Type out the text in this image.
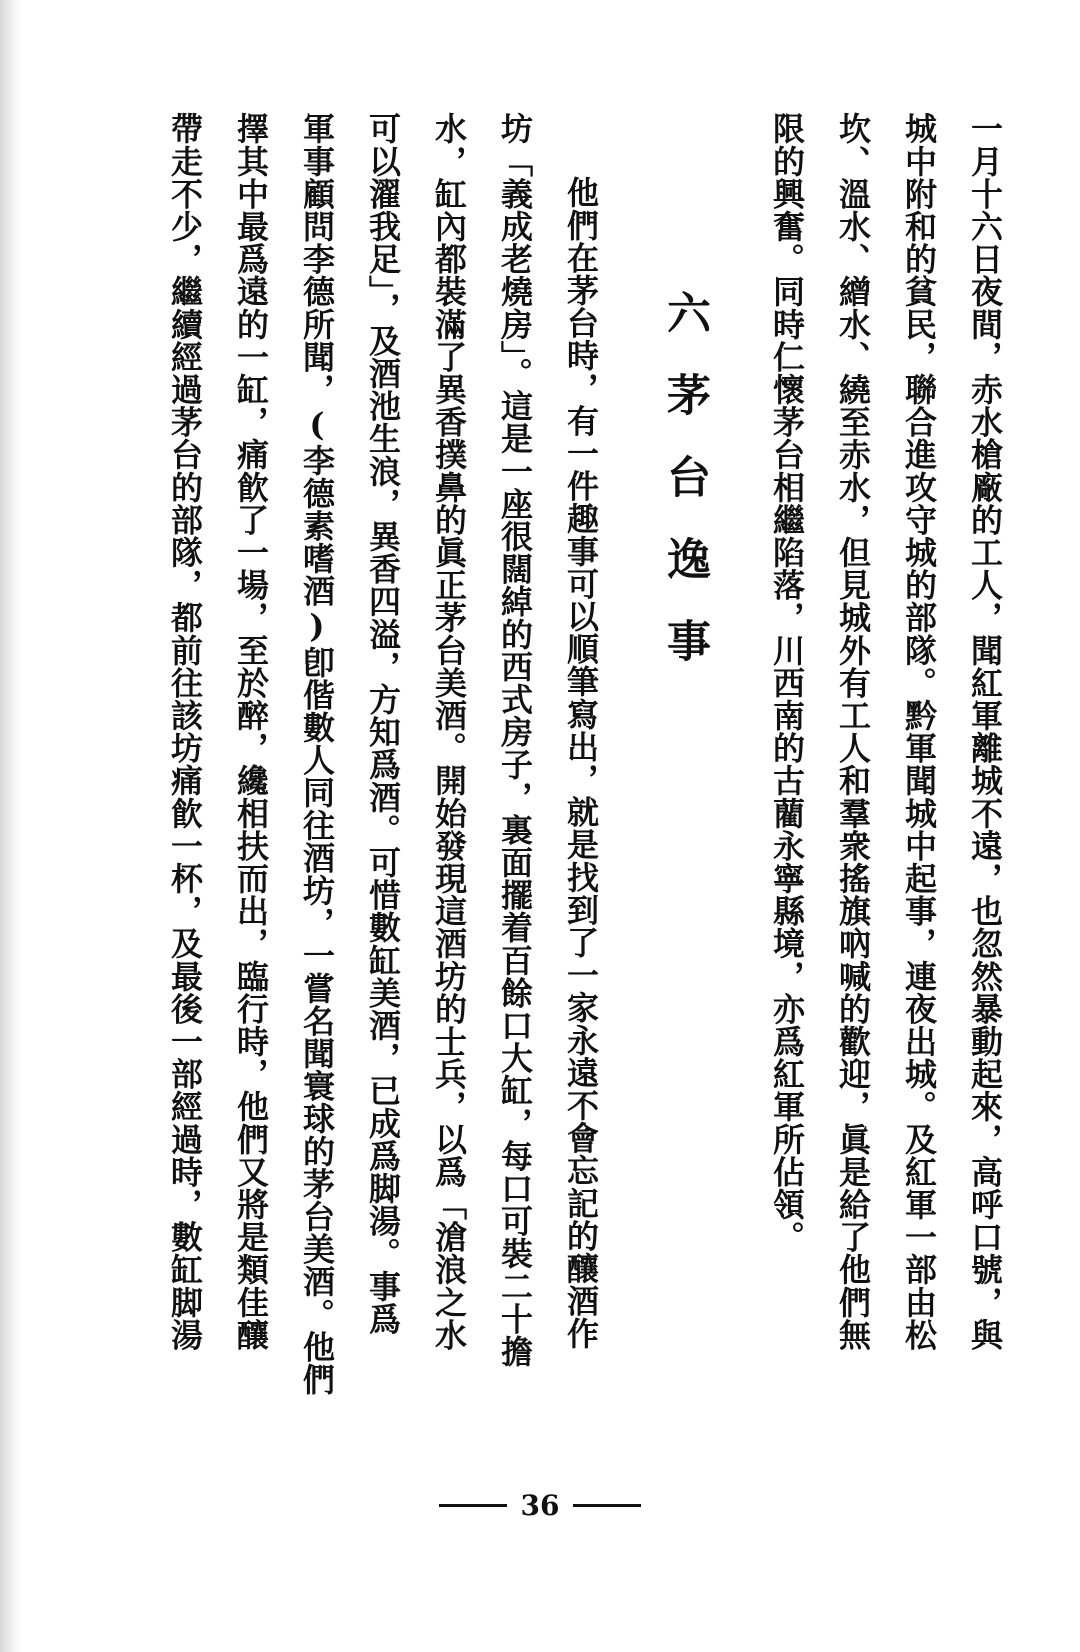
一月十六日夜間，赤水槍廠的工人，聞紅軍離城不遠，也忽然暴動起來，高呼口號，與
城中附和的貧民，聯合進攻守城的部隊。黔軍聞城中起事，連夜出城。及紅軍一部由松
坎、溫水、繒水、繞至赤水，但見城外有工人和羣衆搖旗吶喊的歡迎，眞是給了他們無
限的興奮。同時仁懷茅台相繼陷落，川西南的古藺永寧縣境，亦爲紅軍所佔領。
六茅台逸事
他們在茅台時，有一件趣事可以順筆寫出，就是找到了一家永遠不會忘記的釀酒作
坊「義成老燒房」。這是一座很闊綽的西式房子，裏面擺着百餘口大缸，每口可裝二十擔
水，缸內都裝滿了異香撲鼻的眞正茅台美酒。開始發現這酒坊的士兵，以爲「滄浪之水
可以濯我足」，及酒池生浪，異香四溢，方知爲酒。可惜數缸美酒，已成爲脚湯。事爲
軍事顧問李德所聞，(李德素嗜酒)卽偕數人同往酒坊，一嘗名聞寰球的茅台美酒。他們
擇其中最爲遠的一缸，痛飮了一場，至於醉，纔相扶而出，臨行時，他們又將是類佳釀
帶走不少，繼續經過茅台的部隊，都前往該坊痛飮一杯，及最後一部經過時，數缸脚湯
36
